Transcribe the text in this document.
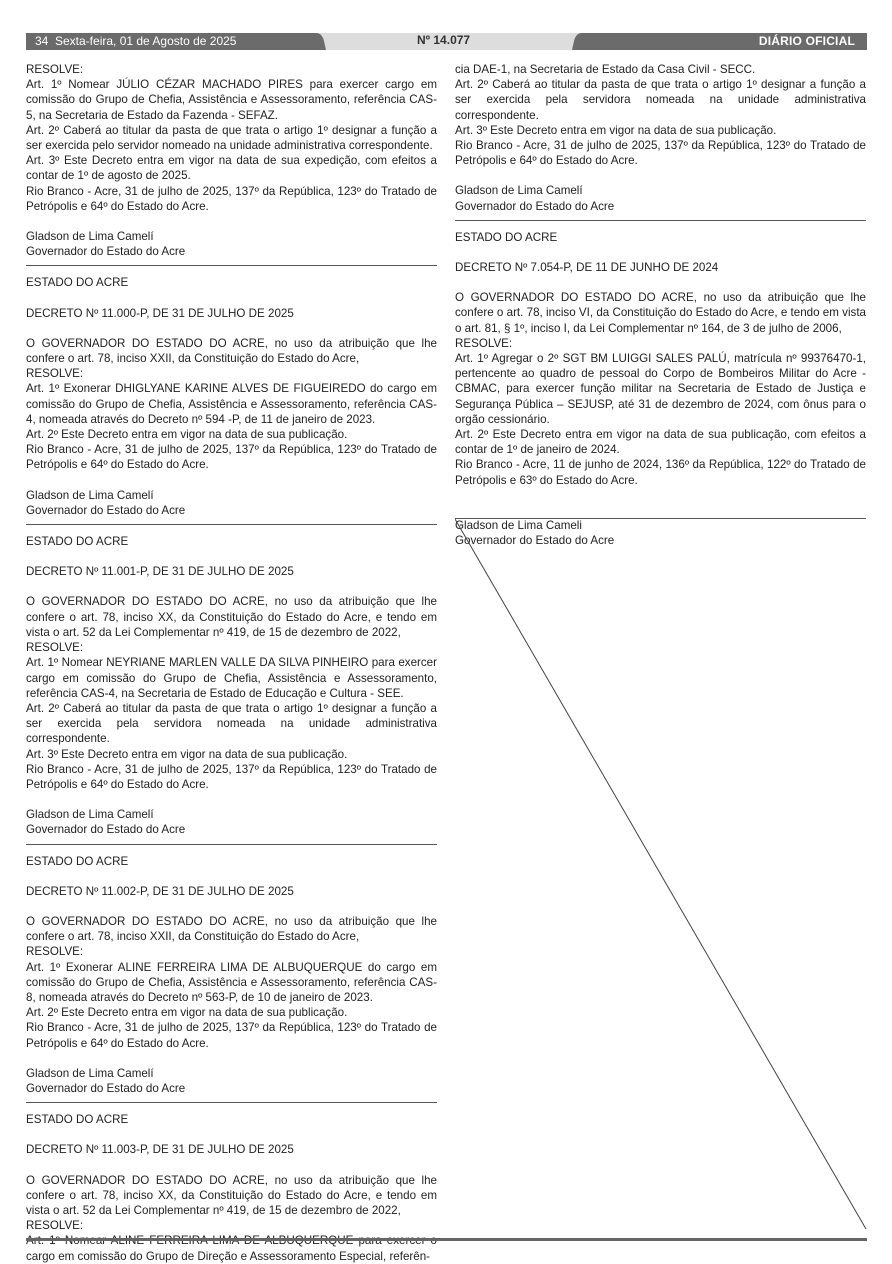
34 Sexta-feira, 01 de Agosto de 2025	Nº 14.077	DIÁRIO OFICIAL
RESOLVE:
Art. 1º Nomear JÚLIO CÉZAR MACHADO PIRES para exercer cargo em comissão do Grupo de Chefia, Assistência e Assessoramento, referência CAS-5, na Secretaria de Estado da Fazenda - SEFAZ.
Art. 2º Caberá ao titular da pasta de que trata o artigo 1º designar a função a ser exercida pelo servidor nomeado na unidade administrativa correspondente.
Art. 3º Este Decreto entra em vigor na data de sua expedição, com efeitos a contar de 1º de agosto de 2025.
Rio Branco - Acre, 31 de julho de 2025, 137º da República, 123º do Tratado de Petrópolis e 64º do Estado do Acre.
Gladson de Lima Camelí
Governador do Estado do Acre
ESTADO DO ACRE
DECRETO Nº 11.000-P, DE 31 DE JULHO DE 2025
O GOVERNADOR DO ESTADO DO ACRE, no uso da atribuição que lhe confere o art. 78, inciso XXII, da Constituição do Estado do Acre,
RESOLVE:
Art. 1º Exonerar DHIGLYANE KARINE ALVES DE FIGUEIREDO do cargo em comissão do Grupo de Chefia, Assistência e Assessoramento, referência CAS-4, nomeada através do Decreto nº 594 -P, de 11 de janeiro de 2023.
Art. 2º Este Decreto entra em vigor na data de sua publicação.
Rio Branco - Acre, 31 de julho de 2025, 137º da República, 123º do Tratado de Petrópolis e 64º do Estado do Acre.
Gladson de Lima Camelí
Governador do Estado do Acre
ESTADO DO ACRE
DECRETO Nº 11.001-P, DE 31 DE JULHO DE 2025
O GOVERNADOR DO ESTADO DO ACRE, no uso da atribuição que lhe confere o art. 78, inciso XX, da Constituição do Estado do Acre, e tendo em vista o art. 52 da Lei Complementar nº 419, de 15 de dezembro de 2022,
RESOLVE:
Art. 1º Nomear NEYRIANE MARLEN VALLE DA SILVA PINHEIRO para exercer cargo em comissão do Grupo de Chefia, Assistência e Assessoramento, referência CAS-4, na Secretaria de Estado de Educação e Cultura - SEE.
Art. 2º Caberá ao titular da pasta de que trata o artigo 1º designar a função a ser exercida pela servidora nomeada na unidade administrativa correspondente.
Art. 3º Este Decreto entra em vigor na data de sua publicação.
Rio Branco - Acre, 31 de julho de 2025, 137º da República, 123º do Tratado de Petrópolis e 64º do Estado do Acre.
Gladson de Lima Camelí
Governador do Estado do Acre
ESTADO DO ACRE
DECRETO Nº 11.002-P, DE 31 DE JULHO DE 2025
O GOVERNADOR DO ESTADO DO ACRE, no uso da atribuição que lhe confere o art. 78, inciso XXII, da Constituição do Estado do Acre,
RESOLVE:
Art. 1º Exonerar ALINE FERREIRA LIMA DE ALBUQUERQUE do cargo em comissão do Grupo de Chefia, Assistência e Assessoramento, referência CAS-8, nomeada através do Decreto nº 563-P, de 10 de janeiro de 2023.
Art. 2º Este Decreto entra em vigor na data de sua publicação.
Rio Branco - Acre, 31 de julho de 2025, 137º da República, 123º do Tratado de Petrópolis e 64º do Estado do Acre.
Gladson de Lima Camelí
Governador do Estado do Acre
ESTADO DO ACRE
DECRETO Nº 11.003-P, DE 31 DE JULHO DE 2025
O GOVERNADOR DO ESTADO DO ACRE, no uso da atribuição que lhe confere o art. 78, inciso XX, da Constituição do Estado do Acre, e tendo em vista o art. 52 da Lei Complementar nº 419, de 15 de dezembro de 2022,
RESOLVE:
cargo em comissão do Grupo de Direção e Assessoramento Especial, referên-
cia DAE-1, na Secretaria de Estado da Casa Civil - SECC.
Art. 2º Caberá ao titular da pasta de que trata o artigo 1º designar a função a ser exercida pela servidora nomeada na unidade administrativa correspondente.
Art. 3º Este Decreto entra em vigor na data de sua publicação.
Rio Branco - Acre, 31 de julho de 2025, 137º da República, 123º do Tratado de Petrópolis e 64º do Estado do Acre.
Gladson de Lima Camelí
Governador do Estado do Acre
ESTADO DO ACRE
DECRETO Nº 7.054-P, DE 11 DE JUNHO DE 2024
O GOVERNADOR DO ESTADO DO ACRE, no uso da atribuição que lhe confere o art. 78, inciso VI, da Constituição do Estado do Acre, e tendo em vista o art. 81, § 1º, inciso I, da Lei Complementar nº 164, de 3 de julho de 2006,
RESOLVE:
Art. 1º Agregar o 2º SGT BM LUIGGI SALES PALÚ, matrícula nº 99376470-1, pertencente ao quadro de pessoal do Corpo de Bombeiros Militar do Acre - CBMAC, para exercer função militar na Secretaria de Estado de Justiça e Segurança Pública – SEJUSP, até 31 de dezembro de 2024, com ônus para o orgão cessionário.
Art. 2º Este Decreto entra em vigor na data de sua publicação, com efeitos a contar de 1º de janeiro de 2024.
Rio Branco - Acre, 11 de junho de 2024, 136º da República, 122º do Tratado de Petrópolis e 63º do Estado do Acre.
Gladson de Lima Cameli
Governador do Estado do Acre
